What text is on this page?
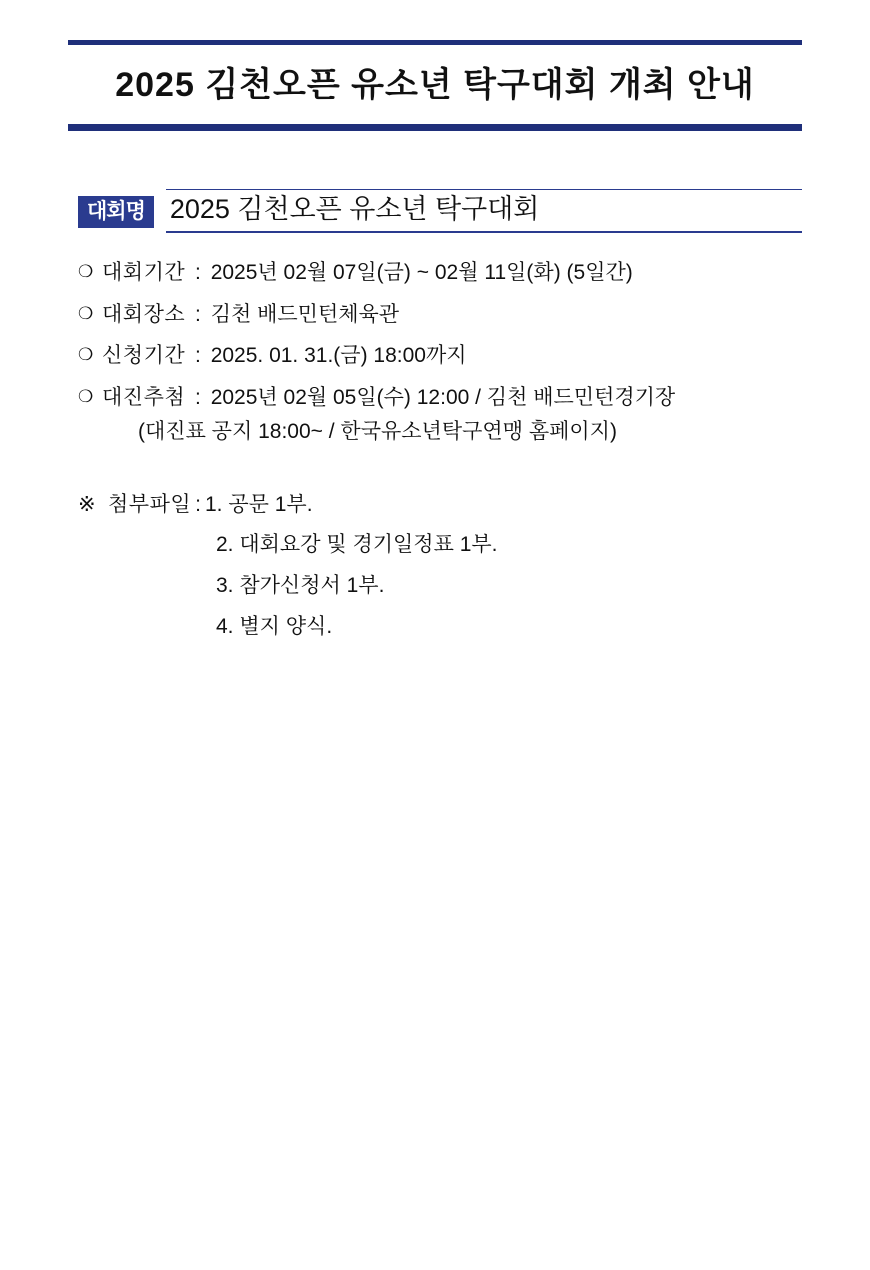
2025 김천오픈 유소년 탁구대회 개최 안내
대회명 2025 김천오픈 유소년 탁구대회
❍ 대회기간 : 2025년 02월 07일(금) ~ 02월 11일(화) (5일간)
❍ 대회장소 : 김천 배드민턴체육관
❍ 신청기간 : 2025. 01. 31.(금) 18:00까지
❍ 대진추첨 : 2025년 02월 05일(수) 12:00 / 김천 배드민턴경기장
(대진표 공지 18:00~ / 한국유소년탁구연맹 홈페이지)
※ 첨부파일 : 1. 공문 1부.
2. 대회요강 및 경기일정표 1부.
3. 참가신청서 1부.
4. 별지 양식.
